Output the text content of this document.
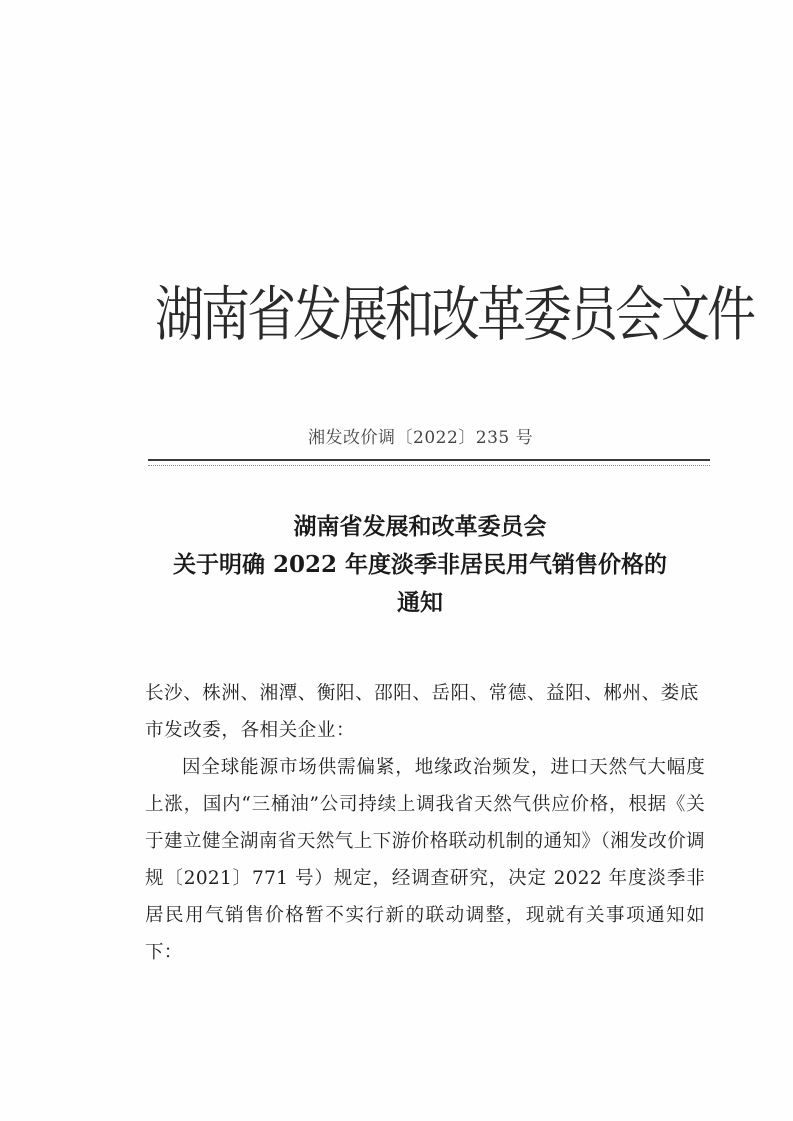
湖南省发展和改革委员会文件
湘发改价调〔2022〕235 号
湖南省发展和改革委员会
关于明确 2022 年度淡季非居民用气销售价格的
通知

长沙、株洲、湘潭、衡阳、邵阳、岳阳、常德、益阳、郴州、娄底市发改委，各相关企业：

因全球能源市场供需偏紧，地缘政治频发，进口天然气大幅度上涨，国内“三桶油”公司持续上调我省天然气供应价格，根据《关于建立健全湖南省天然气上下游价格联动机制的通知》（湘发改价调规〔2021〕771 号）规定，经调查研究，决定 2022 年度淡季非居民用气销售价格暂不实行新的联动调整，现就有关事项通知如下：
